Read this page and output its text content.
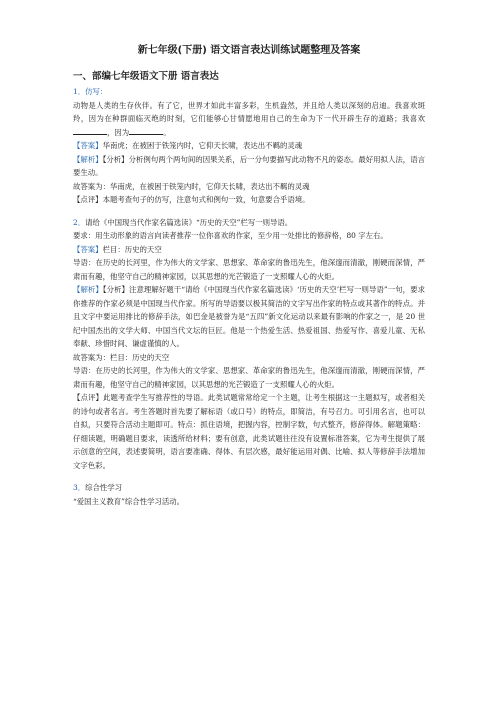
新七年级(下册) 语文语言表达训练试题整理及答案
一、部编七年级语文下册 语言表达

1．仿写：

动物是人类的生存伙伴。有了它，世界才如此丰富多彩，生机盎然，并且给人类以深刻的启迪。我喜欢斑羚，因为在种群面临灭绝的时刻，它们能够心甘情愿地用自己的生命为下一代开辟生存的道路；我喜欢，因为	。

【答案】华南虎；在被困于铁笼内时，它仰天长啸，表达出不羁的灵魂

【解析】【分析】分析例句两个两句间的因果关系，后一分句要描写此动物不凡的姿态。最好用拟人法，语言要生动。

故答案为：华南虎，在被困于铁笼内时，它仰天长啸，表达出不羁的灵魂

【点评】本题考查句子的仿写，注意句式和例句一致，句意要合乎语境。

2．请给《中国现当代作家名篇选读》“历史的天空”栏写一则导语。

要求：用生动形象的语言向读者推荐一位你喜欢的作家，至少用一处排比的修辞格，80 字左右。

【答案】栏目：历史的天空

导语：在历史的长河里，作为伟大的文学家、思想家、革命家的鲁迅先生，他深邃而清澈，刚硬而深情，严肃而有趣，他坚守自己的精神家园，以其思想的光芒锻造了一支照耀人心的火炬。

【解析】【分析】注意理解好题干“请给《中国现当代作家名篇选读》‘历史的天空’栏写一则导语”一句，要求你推荐的作家必须是中国现当代作家。所写的导语要以极其简洁的文字写出作家的特点或其著作的特点。并且文字中要运用排比的修辞手法，如巴金是被誉为是“五四”新文化运动以来最有影响的作家之一，是 20 世纪中国杰出的文学大师、中国当代文坛的巨匠。他是一个热爱生活、热爱祖国、热爱写作、喜爱儿童、无私奉献、珍惜时间、谦虚谨慎的人。

故答案为：栏目：历史的天空

导语：在历史的长河里，作为伟大的文学家、思想家、革命家的鲁迅先生，他深邃而清澈，刚硬而深情，严肃而有趣，他坚守自己的精神家园，以其思想的光芒锻造了一支照耀人心的火炬。

【点评】此题考查学生写推荐性的导语。此类试题常常给定一个主题，让考生根据这一主题拟写，或者相关的诗句或者名言。考生答题时首先要了解标语（或口号）的特点，即简洁，有号召力。可引用名言，也可以自拟，只要符合活动主题即可。特点：抓住语境，把握内容，控制字数，句式整齐，修辞得体。解题策略：仔细读题，明确题目要求，读透所给材料；要有创意，此类试题往往没有设置标准答案，它为考生提供了展示创意的空间，表述要简明，语言要准确、得体、有层次感，最好能运用对偶、比喻、拟人等修辞手法增加文字色彩。

3．综合性学习

“爱国主义教育”综合性学习活动。
